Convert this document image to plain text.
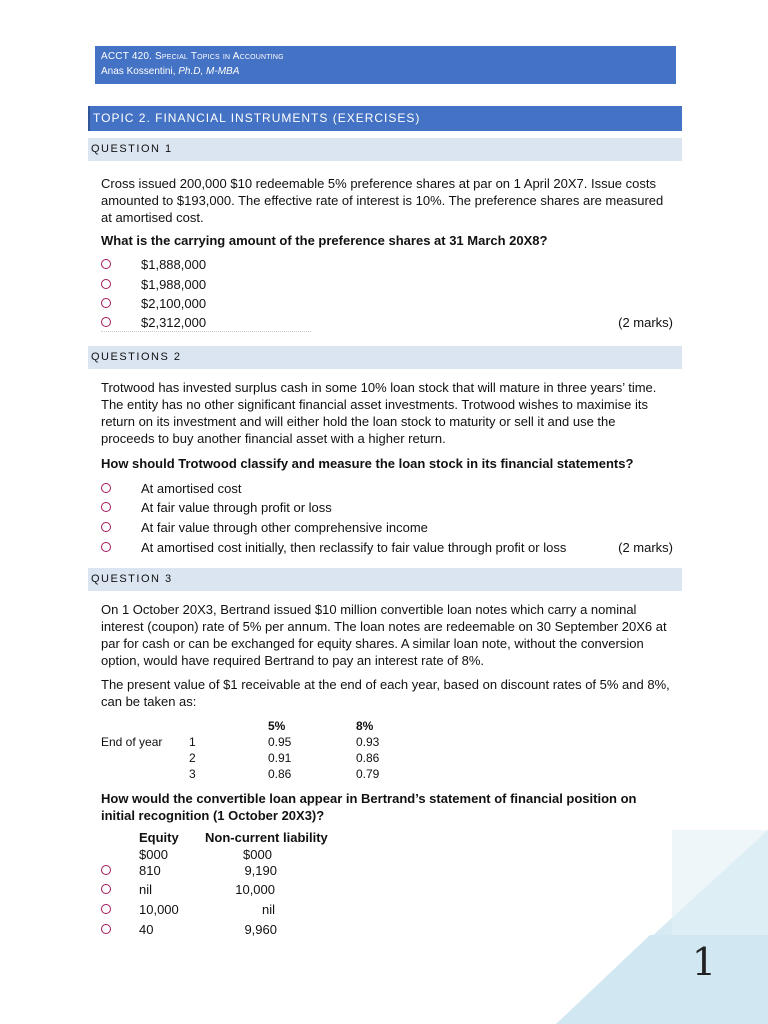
ACCT 420. Special Topics in Accounting
Anas Kossentini, Ph.D, M-MBA
TOPIC 2. FINANCIAL INSTRUMENTS (EXERCISES)
QUESTION 1
Cross issued 200,000 $10 redeemable 5% preference shares at par on 1 April 20X7. Issue costs amounted to $193,000. The effective rate of interest is 10%. The preference shares are measured at amortised cost.
What is the carrying amount of the preference shares at 31 March 20X8?
$1,888,000
$1,988,000
$2,100,000
$2,312,000	(2 marks)
QUESTIONS 2
Trotwood has invested surplus cash in some 10% loan stock that will mature in three years’ time. The entity has no other significant financial asset investments. Trotwood wishes to maximise its return on its investment and will either hold the loan stock to maturity or sell it and use the proceeds to buy another financial asset with a higher return.
How should Trotwood classify and measure the loan stock in its financial statements?
At amortised cost
At fair value through profit or loss
At fair value through other comprehensive income
At amortised cost initially, then reclassify to fair value through profit or loss	(2 marks)
QUESTION 3
On 1 October 20X3, Bertrand issued $10 million convertible loan notes which carry a nominal interest (coupon) rate of 5% per annum. The loan notes are redeemable on 30 September 20X6 at par for cash or can be exchanged for equity shares. A similar loan note, without the conversion option, would have required Bertrand to pay an interest rate of 8%.
The present value of $1 receivable at the end of each year, based on discount rates of 5% and 8%, can be taken as:
5%	8%
End of year 1	0.95	0.93
2	0.91	0.86
3	0.86	0.79
How would the convertible loan appear in Bertrand’s statement of financial position on initial recognition (1 October 20X3)?
Equity Non-current liability
$000	$000
810	9,190
nil	10,000
10,000	nil
40	9,960
1
